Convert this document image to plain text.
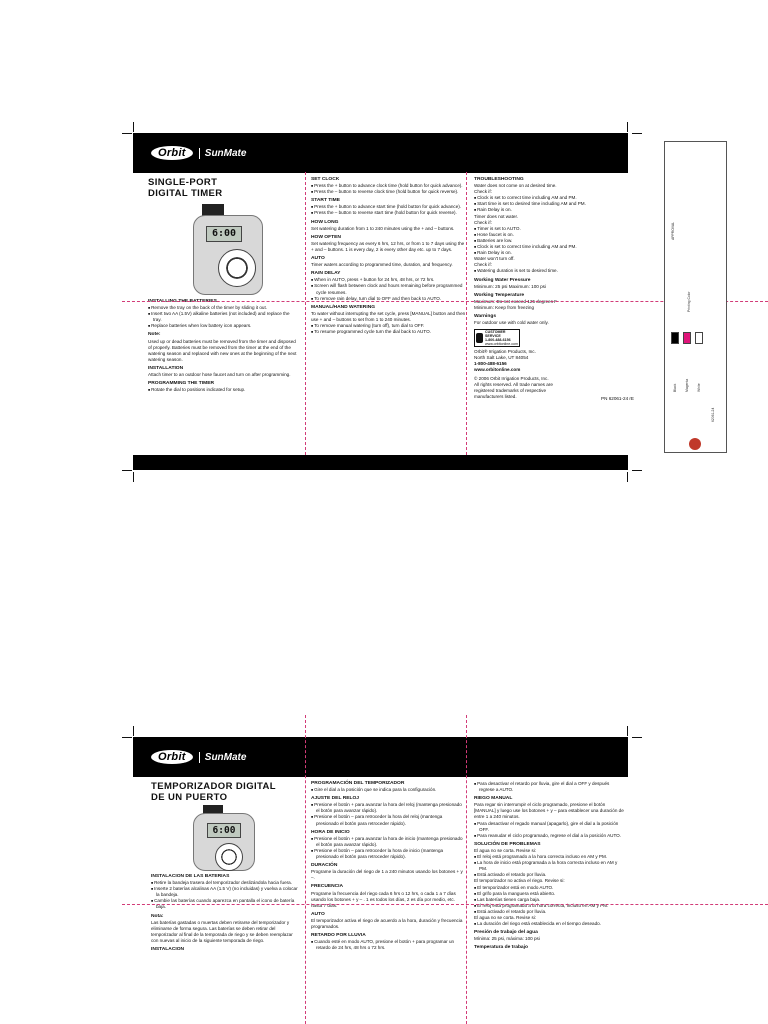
Orbit	SunMate
SINGLE-PORT
DIGITAL TIMER
6:00
INSTALLING THE BATTERIES
■ Remove the tray on the back of the timer by sliding it out.
■ Insert two AA (1.5V) alkaline batteries (not included) and replace the tray.
■ Replace batteries when low battery icon appears.
Note:

Used up or dead batteries must be removed from the timer and disposed of properly. Batteries must be removed from the timer at the end of the watering season and replaced with new ones at the beginning of the next watering season.

INSTALLATION

Attach timer to an outdoor hose faucet and turn on after programming.

PROGRAMMING THE TIMER
■ Rotate the dial to positions indicated for setup.
SET CLOCK
■ Press the + button to advance clock time (hold button for quick advance).
■ Press the – button to reverse clock time (hold button for quick reverse).
START TIME
■ Press the + button to advance start time (hold button for quick advance).
■ Press the – button to reverse start time (hold button for quick reverse).
HOW LONG

Set watering duration from 1 to 240 minutes using the + and – buttons.

HOW OFTEN

Set watering frequency as every 6 hrs, 12 hrs, or from 1 to 7 days using the + and – buttons. 1 is every day, 2 is every other day etc. up to 7 days.

AUTO

Timer waters according to programmed time, duration, and frequency.

RAIN DELAY
■ When in AUTO, press + button for 24 hrs, 48 hrs, or 72 hrs.
■ Screen will flash between clock and hours remaining before programmed cycle resumes.
■ To remove rain delay, turn dial to OFF and then back to AUTO.
MANUAL/HAND WATERING

To water without interrupting the set cycle, press [MANUAL] button and then use + and – buttons to set from 1 to 240 minutes.

■ To remove manual watering (turn off), turn dial to OFF.
■ To resume programmed cycle turn the dial back to AUTO.
TROUBLESHOOTING

Water does not come on at desired time.

Check if:

■ Clock is set to correct time including AM and PM.
■ Start time is set to desired time including AM and PM.
■ Rain Delay is on.

Timer does not water.

Check if:

■ Timer is set to AUTO.
■ Hose faucet is on.
■ Batteries are low.
■ Clock is set to correct time including AM and PM.
■ Rain Delay is on.

Water won't turn off.

Check if:

■ Watering duration is set to desired time.
Working Water Pressure

Minimum: 25 psi Maximum: 100 psi

Working Temperature

Maximum: Do not exceed 125 degrees F

Minimum: Keep from freezing

Warnings

For outdoor use with cold water only.

CUSTOMER SERVICE
1-800-488-6156
www.orbitonline.com

Orbit® Irrigation Products, Inc.

North Salt Lake, UT 84054

1-800-488-6156

www.orbitonline.com

© 2006 Orbit Irrigation Products, Inc.

All rights reserved. All trade names are registered trademarks of respective manufacturers listed.	PN 62061-24 rE

APPROVAL
Printing Color
Black Magenta White
62061-24
Orbit	SunMate
TEMPORIZADOR DIGITAL
DE UN PUERTO
6:00
INSTALACION DE LAS BATERIAS
■ Retire la bandeja trasera del temporizador deslizándola hacia fuera.
■ Inserte 2 baterías alcalinas AA (1.5 V) (no incluidas) y vuelva a colocar la bandeja.
■ Cambie las baterías cuando aparezca en pantalla el icono de batería baja.
Nota:

Las baterías gastadas o muertas deben retirarse del temporizador y eliminarse de forma segura. Las baterías se deben retirar del temporizador al final de la temporada de riego y se deben reemplazar con nuevas al inicio de la siguiente temporada de riego.

INSTALACION
PROGRAMACIÓN DEL TEMPORIZADOR
■ Gire el dial a la posición que se indica para la configuración.
AJUSTE DEL RELOJ
■ Presione el botón + para avanzar la hora del reloj (mantenga presionado el botón para avanzar rápido).
■ Presione el botón – para retroceder la hora del reloj (mantenga presionado el botón para retroceder rápido).
HORA DE INICIO
■ Presione el botón + para avanzar la hora de inicio (mantenga presionado el botón para avanzar rápido).
■ Presione el botón – para retroceder la hora de inicio (mantenga presionado el botón para retroceder rápido).
DURACIÓN

Programe la duración del riego de 1 a 240 minutos usando los botones + y –.

FRECUENCIA

Programe la frecuencia del riego cada 6 hrs o 12 hrs, o cada 1 a 7 días usando los botones + y – . 1 es todos los días, 2 es día por medio, etc. hasta 7 días.

AUTO

El temporizador activa el riego de acuerdo a la hora, duración y frecuencia programados.

RETARDO POR LLUVIA
■ Cuando esté en modo AUTO, presione el botón + para programar un retardo de 24 hrs, 48 hrs o 72 hrs.
■ Para desactivar el retardo por lluvia, gire el dial a OFF y después regrese a AUTO.
RIEGO MANUAL

Para regar sin interrumpir el ciclo programado, presione el botón [MANUAL] y luego use los botones + y – para establecer una duración de entre 1 a 240 minutos.

■ Para desactivar el regado manual (apagarlo), gire el dial a la posición OFF.
■ Para reanudar el ciclo programado, regrese el dial a la posición AUTO.
SOLUCIÓN DE PROBLEMAS

El agua no se corta. Revise si:

■ El reloj está programado a la hora correcta incluso en AM y PM.
■ La hora de inicio está programada a la hora correcta incluso en AM y PM.
■ Está activado el retardo por lluvia.

El temporizador no activa el riego. Revise si:

■ El temporizador está en modo AUTO.
■ El grifo para la manguera está abierto.
■ Las baterías tienen carga baja.
■ El reloj está programado a la hora correcta, incluso en AM y PM.
■ Está activado el retardo por lluvia.

El agua no se corta. Revise si:

■ La duración del riego está establecida en el tiempo deseado.
Presión de trabajo del agua

Mínima: 25 psi, máxima: 100 psi

Temperatura de trabajo
